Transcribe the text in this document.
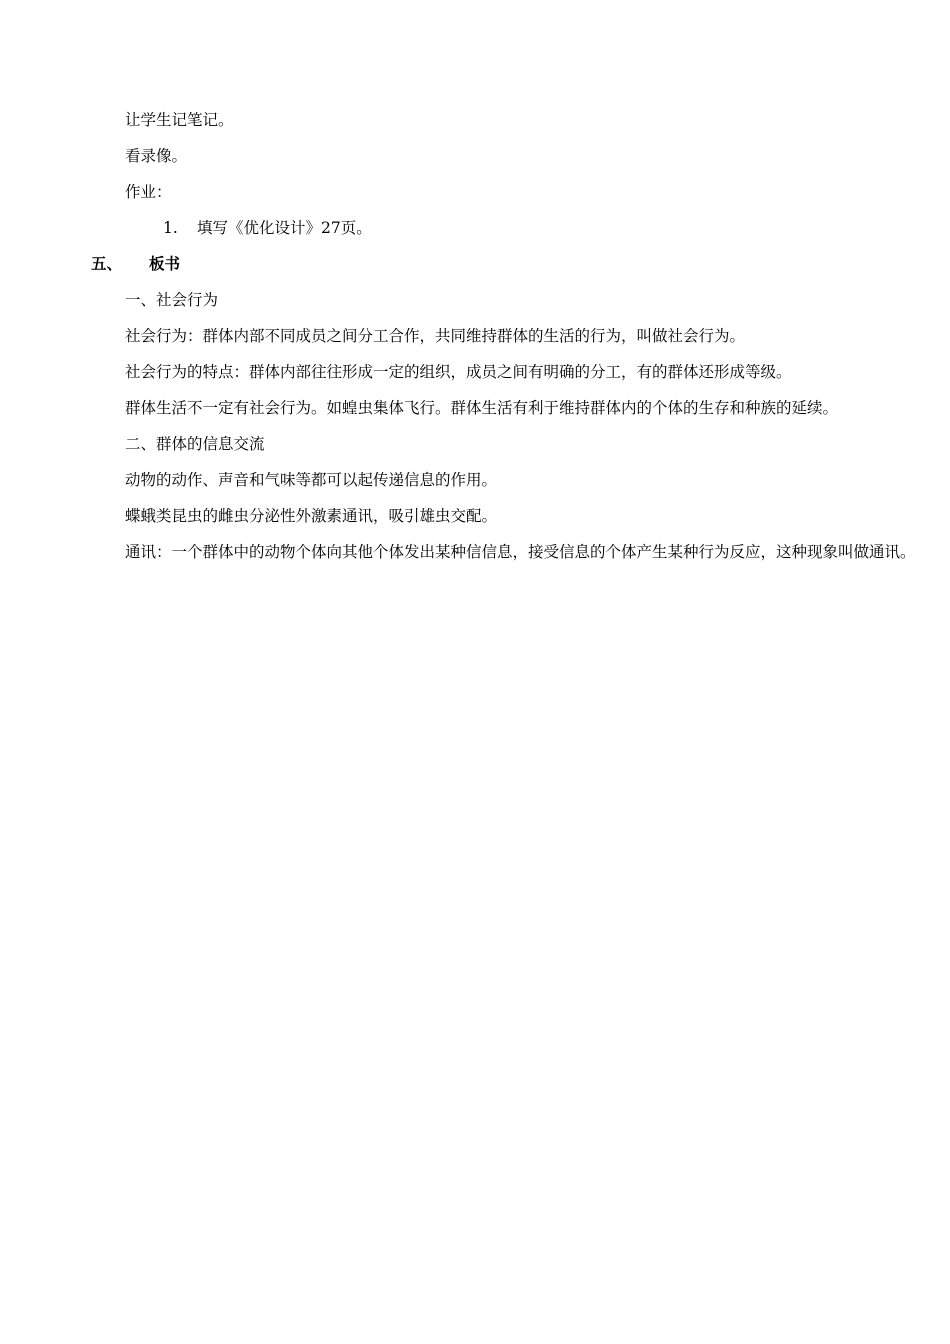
让学生记笔记。
看录像。
作业：
1. 填写《优化设计》27页。
五、 板书
一、社会行为
社会行为：群体内部不同成员之间分工合作，共同维持群体的生活的行为，叫做社会行为。
社会行为的特点：群体内部往往形成一定的组织，成员之间有明确的分工，有的群体还形成等级。
群体生活不一定有社会行为。如蝗虫集体飞行。群体生活有利于维持群体内的个体的生存和种族的延续。
二、群体的信息交流
动物的动作、声音和气味等都可以起传递信息的作用。
蝶蛾类昆虫的雌虫分泌性外激素通讯，吸引雄虫交配。
通讯：一个群体中的动物个体向其他个体发出某种信信息，接受信息的个体产生某种行为反应，这种现象叫做通讯。
